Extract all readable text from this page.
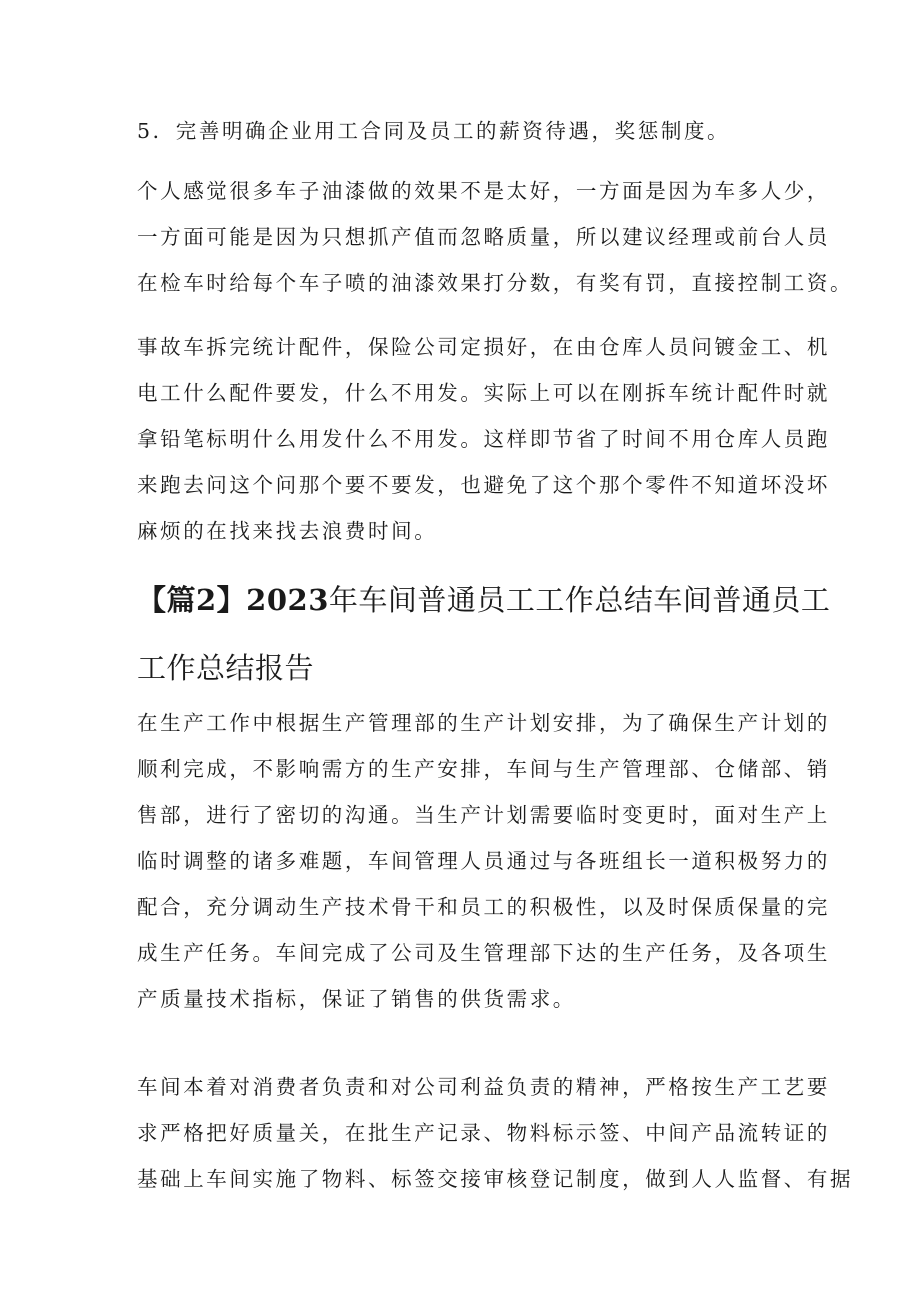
5．完善明确企业用工合同及员工的薪资待遇，奖惩制度。

个人感觉很多车子油漆做的效果不是太好，一方面是因为车多人少，
一方面可能是因为只想抓产值而忽略质量，所以建议经理或前台人员
在检车时给每个车子喷的油漆效果打分数，有奖有罚，直接控制工资。

事故车拆完统计配件，保险公司定损好，在由仓库人员问镀金工、机
电工什么配件要发，什么不用发。实际上可以在刚拆车统计配件时就
拿铅笔标明什么用发什么不用发。这样即节省了时间不用仓库人员跑
来跑去问这个问那个要不要发，也避免了这个那个零件不知道坏没坏
麻烦的在找来找去浪费时间。

【篇2】2023年车间普通员工工作总结车间普通员工
工作总结报告

在生产工作中根据生产管理部的生产计划安排，为了确保生产计划的
顺利完成，不影响需方的生产安排，车间与生产管理部、仓储部、销
售部，进行了密切的沟通。当生产计划需要临时变更时，面对生产上
临时调整的诸多难题，车间管理人员通过与各班组长一道积极努力的
配合，充分调动生产技术骨干和员工的积极性，以及时保质保量的完
成生产任务。车间完成了公司及生管理部下达的生产任务，及各项生
产质量技术指标，保证了销售的供货需求。

车间本着对消费者负责和对公司利益负责的精神，严格按生产工艺要
求严格把好质量关，在批生产记录、物料标示签、中间产品流转证的
基础上车间实施了物料、标签交接审核登记制度，做到人人监督、有据
